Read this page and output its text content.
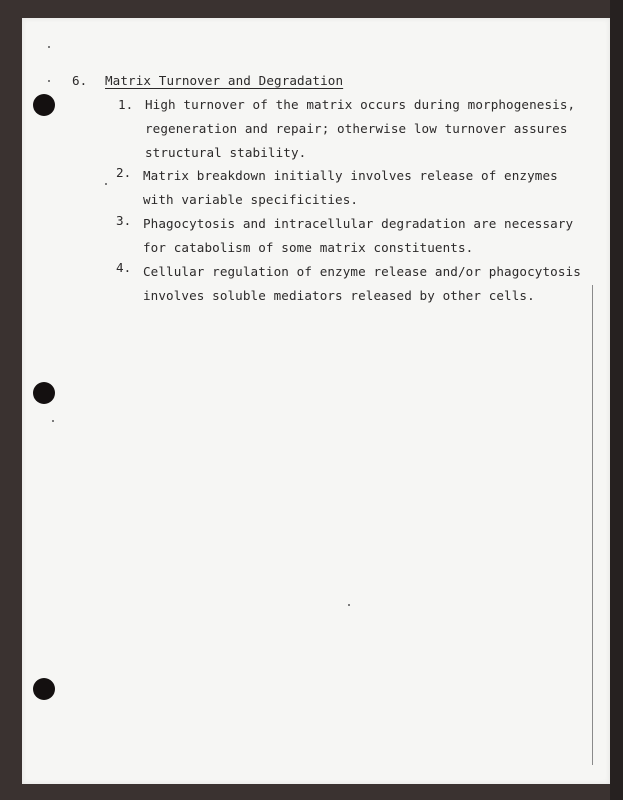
6. Matrix Turnover and Degradation
1. High turnover of the matrix occurs during morphogenesis,
regeneration and repair; otherwise low turnover assures
structural stability.
2. Matrix breakdown initially involves release of enzymes
with variable specificities.
3. Phagocytosis and intracellular degradation are necessary
for catabolism of some matrix constituents.
4. Cellular regulation of enzyme release and/or phagocytosis
involves soluble mediators released by other cells.
